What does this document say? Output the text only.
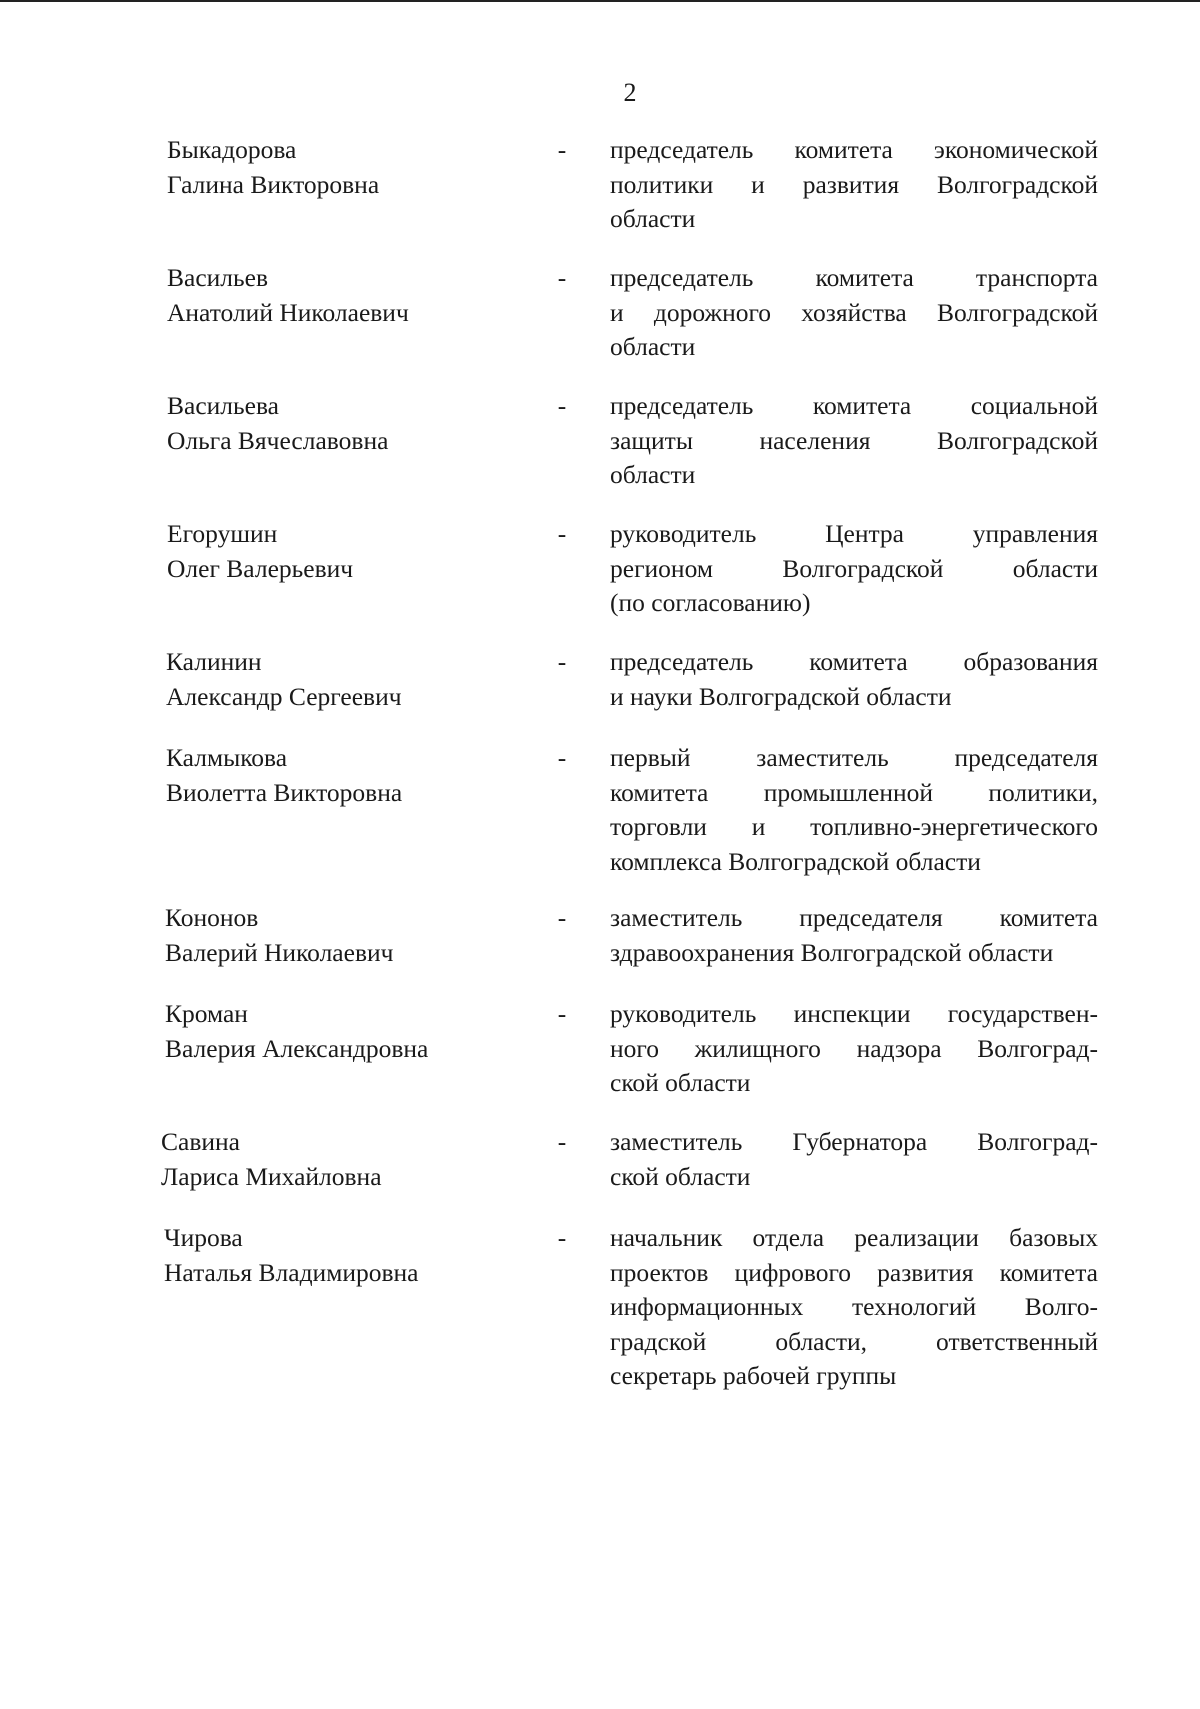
2
Быкадорова
Галина Викторовна
- председатель комитета экономической
политики и развития Волгоградской
области
Васильев
Анатолий Николаевич
- председатель комитета транспорта
и дорожного хозяйства Волгоградской
области
Васильева
Ольга Вячеславовна
- председатель комитета социальной
защиты населения Волгоградской
области
Егорушин
Олег Валерьевич
- руководитель Центра управления
регионом Волгоградской области
(по согласованию)
Калинин
Александр Сергеевич
- председатель комитета образования
и науки Волгоградской области
Калмыкова
Виолетта Викторовна
- первый заместитель председателя
комитета промышленной политики,
торговли и топливно-энергетического
комплекса Волгоградской области
Кононов
Валерий Николаевич
- заместитель председателя комитета
здравоохранения Волгоградской области
Кроман
Валерия Александровна
- руководитель инспекции государствен-
ного жилищного надзора Волгоград-
ской области
Савина
Лариса Михайловна
- заместитель Губернатора Волгоград-
ской области
Чирова
Наталья Владимировна
- начальник отдела реализации базовых
проектов цифрового развития комитета
информационных технологий Волго-
градской области, ответственный
секретарь рабочей группы
